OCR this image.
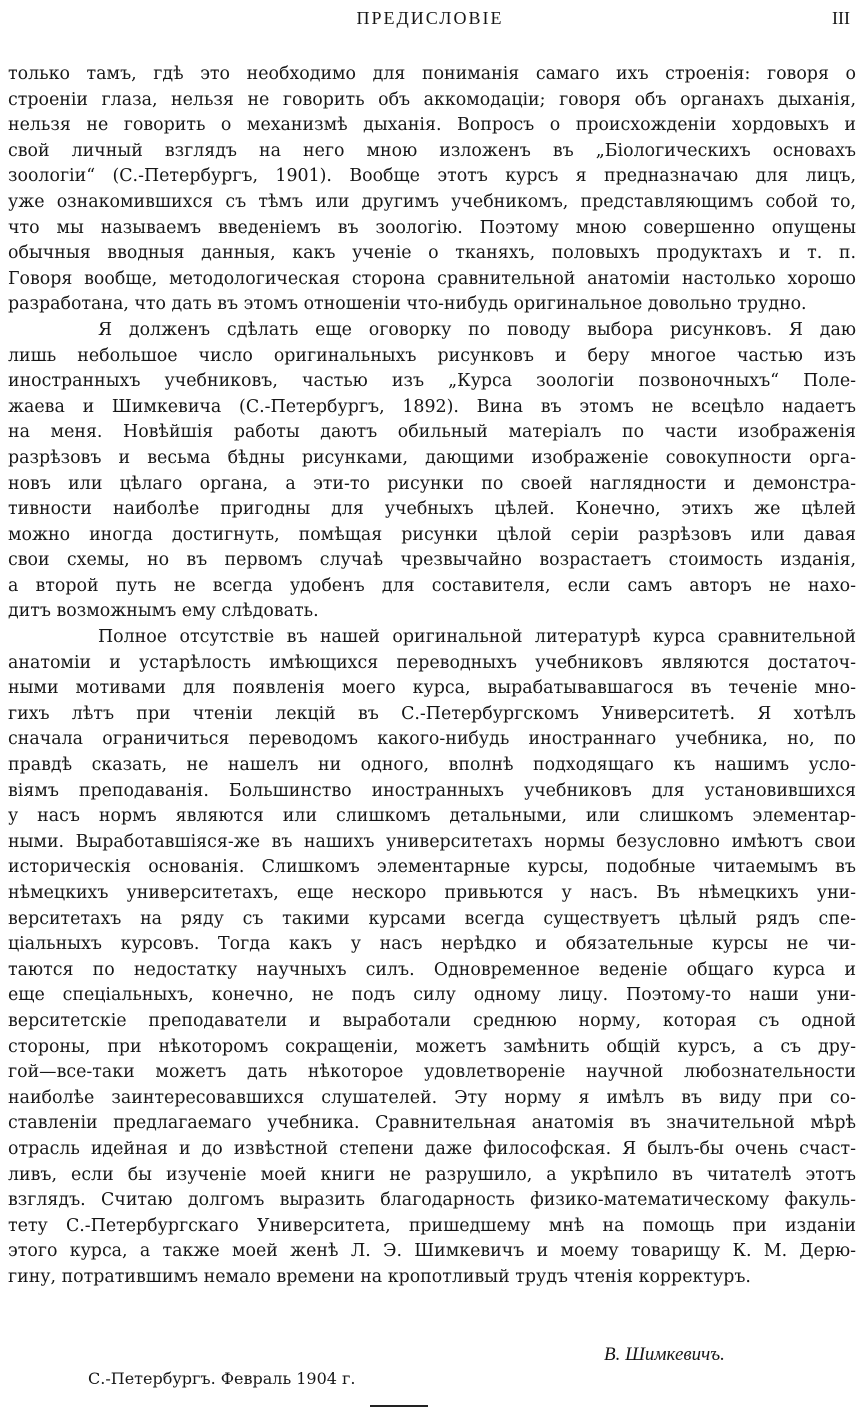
ПРЕДИСЛОВІЕ	III
только тамъ, гдѣ это необходимо для пониманія самаго ихъ строенія: говоря о
строеніи глаза, нельзя не говорить объ аккомодаціи; говоря объ органахъ дыханія,
нельзя не говорить о механизмѣ дыханія. Вопросъ о происхожденіи хордовыхъ и
свой личный взглядъ на него мною изложенъ въ „Біологическихъ основахъ
зоологіи“ (С.-Петербургъ, 1901). Вообще этотъ курсъ я предназначаю для лицъ,
уже ознакомившихся съ тѣмъ или другимъ учебникомъ, представляющимъ собой то,
что мы называемъ введеніемъ въ зоологію. Поэтому мною совершенно опущены
обычныя вводныя данныя, какъ ученіе о тканяхъ, половыхъ продуктахъ и т. п.
Говоря вообще, методологическая сторона сравнительной анатоміи настолько хорошо
разработана, что дать въ этомъ отношеніи что-нибудь оригинальное довольно трудно.
Я долженъ сдѣлать еще оговорку по поводу выбора рисунковъ. Я даю
лишь небольшое число оригинальныхъ рисунковъ и беру многое частью изъ
иностранныхъ учебниковъ, частью изъ „Курса зоологіи позвоночныхъ“ Поле-
жаева и Шимкевича (С.-Петербургъ, 1892). Вина въ этомъ не всецѣло надаетъ
на меня. Новѣйшія работы даютъ обильный матеріалъ по части изображенія
разрѣзовъ и весьма бѣдны рисунками, дающими изображеніе совокупности орга-
новъ или цѣлаго органа, а эти-то рисунки по своей наглядности и демонстра-
тивности наиболѣе пригодны для учебныхъ цѣлей. Конечно, этихъ же цѣлей
можно иногда достигнуть, помѣщая рисунки цѣлой серіи разрѣзовъ или давая
свои схемы, но въ первомъ случаѣ чрезвычайно возрастаетъ стоимость изданія,
а второй путь не всегда удобенъ для составителя, если самъ авторъ не нахо-
дитъ возможнымъ ему слѣдовать.
Полное отсутствіе въ нашей оригинальной литературѣ курса сравнительной
анатоміи и устарѣлость имѣющихся переводныхъ учебниковъ являются достаточ-
ными мотивами для появленія моего курса, вырабатывавшагося въ теченіе мно-
гихъ лѣтъ при чтеніи лекцій въ С.-Петербургскомъ Университетѣ. Я хотѣлъ
сначала ограничиться переводомъ какого-нибудь иностраннаго учебника, но, по
правдѣ сказать, не нашелъ ни одного, вполнѣ подходящаго къ нашимъ усло-
віямъ преподаванія. Большинство иностранныхъ учебниковъ для установившихся
у насъ нормъ являются или слишкомъ детальными, или слишкомъ элементар-
ными. Выработавшіяся-же въ нашихъ университетахъ нормы безусловно имѣютъ свои
историческія основанія. Слишкомъ элементарные курсы, подобные читаемымъ въ
нѣмецкихъ университетахъ, еще нескоро привьются у насъ. Въ нѣмецкихъ уни-
верситетахъ на ряду съ такими курсами всегда существуетъ цѣлый рядъ спе-
ціальныхъ курсовъ. Тогда какъ у насъ нерѣдко и обязательные курсы не чи-
таются по недостатку научныхъ силъ. Одновременное веденіе общаго курса и
еще спеціальныхъ, конечно, не подъ силу одному лицу. Поэтому-то наши уни-
верситетскіе преподаватели и выработали среднюю норму, которая съ одной
стороны, при нѣкоторомъ сокращеніи, можетъ замѣнить общій курсъ, а съ дру-
гой—все-таки можетъ дать нѣкоторое удовлетвореніе научной любознательности
наиболѣе заинтересовавшихся слушателей. Эту норму я имѣлъ въ виду при со-
ставленіи предлагаемаго учебника. Сравнительная анатомія въ значительной мѣрѣ
отрасль идейная и до извѣстной степени даже философская. Я былъ-бы очень счаст-
ливъ, если бы изученіе моей книги не разрушило, а укрѣпило въ читателѣ этотъ
взглядъ. Считаю долгомъ выразить благодарность физико-математическому факуль-
тету С.-Петербургскаго Университета, пришедшему мнѣ на помощь при изданіи
этого курса, а также моей женѣ Л. Э. Шимкевичъ и моему товарищу К. М. Дерю-
гину, потратившимъ немало времени на кропотливый трудъ чтенія корректуръ.
В. Шимкевичъ.
С.-Петербургъ. Февраль 1904 г.
